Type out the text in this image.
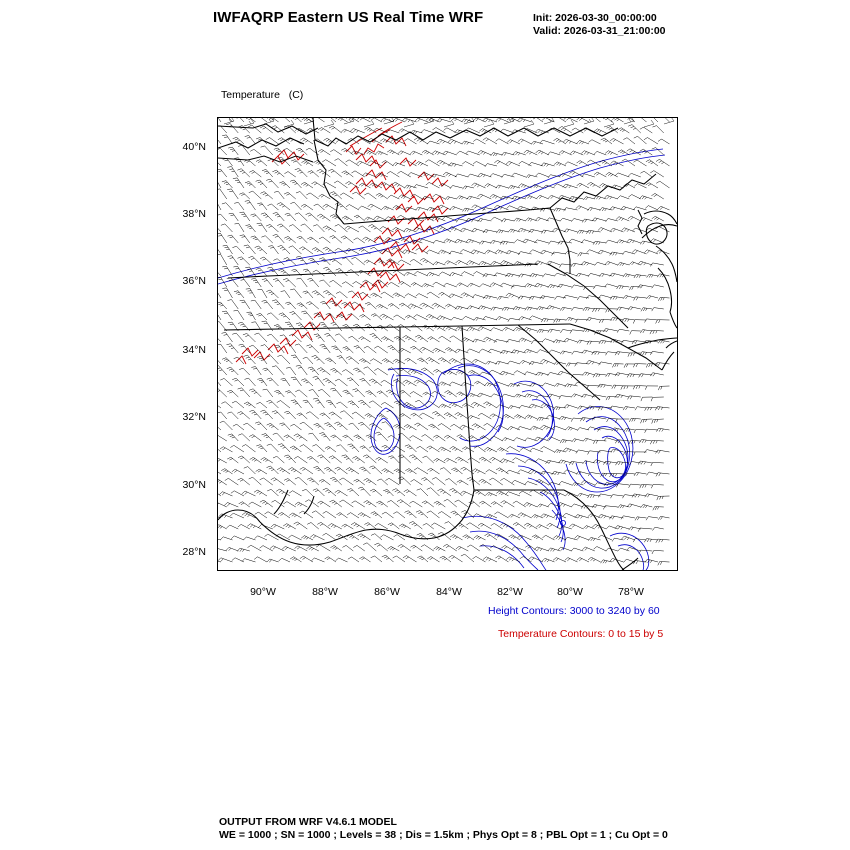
IWFAQRP Eastern US Real Time WRF	Init: 2026-03-30_00:00:00
Valid: 2026-03-31_21:00:00

Temperature   (C)

40°N
38°N
36°N
34°N
32°N
30°N
28°N
90°W	88°W	86°W	84°W	82°W	80°W	78°W
Height Contours: 3000 to 3240 by 60
Temperature Contours: 0 to 15 by 5
OUTPUT FROM WRF V4.6.1 MODEL
WE = 1000 ; SN = 1000 ; Levels = 38 ; Dis = 1.5km ; Phys Opt = 8 ; PBL Opt = 1 ; Cu Opt = 0
